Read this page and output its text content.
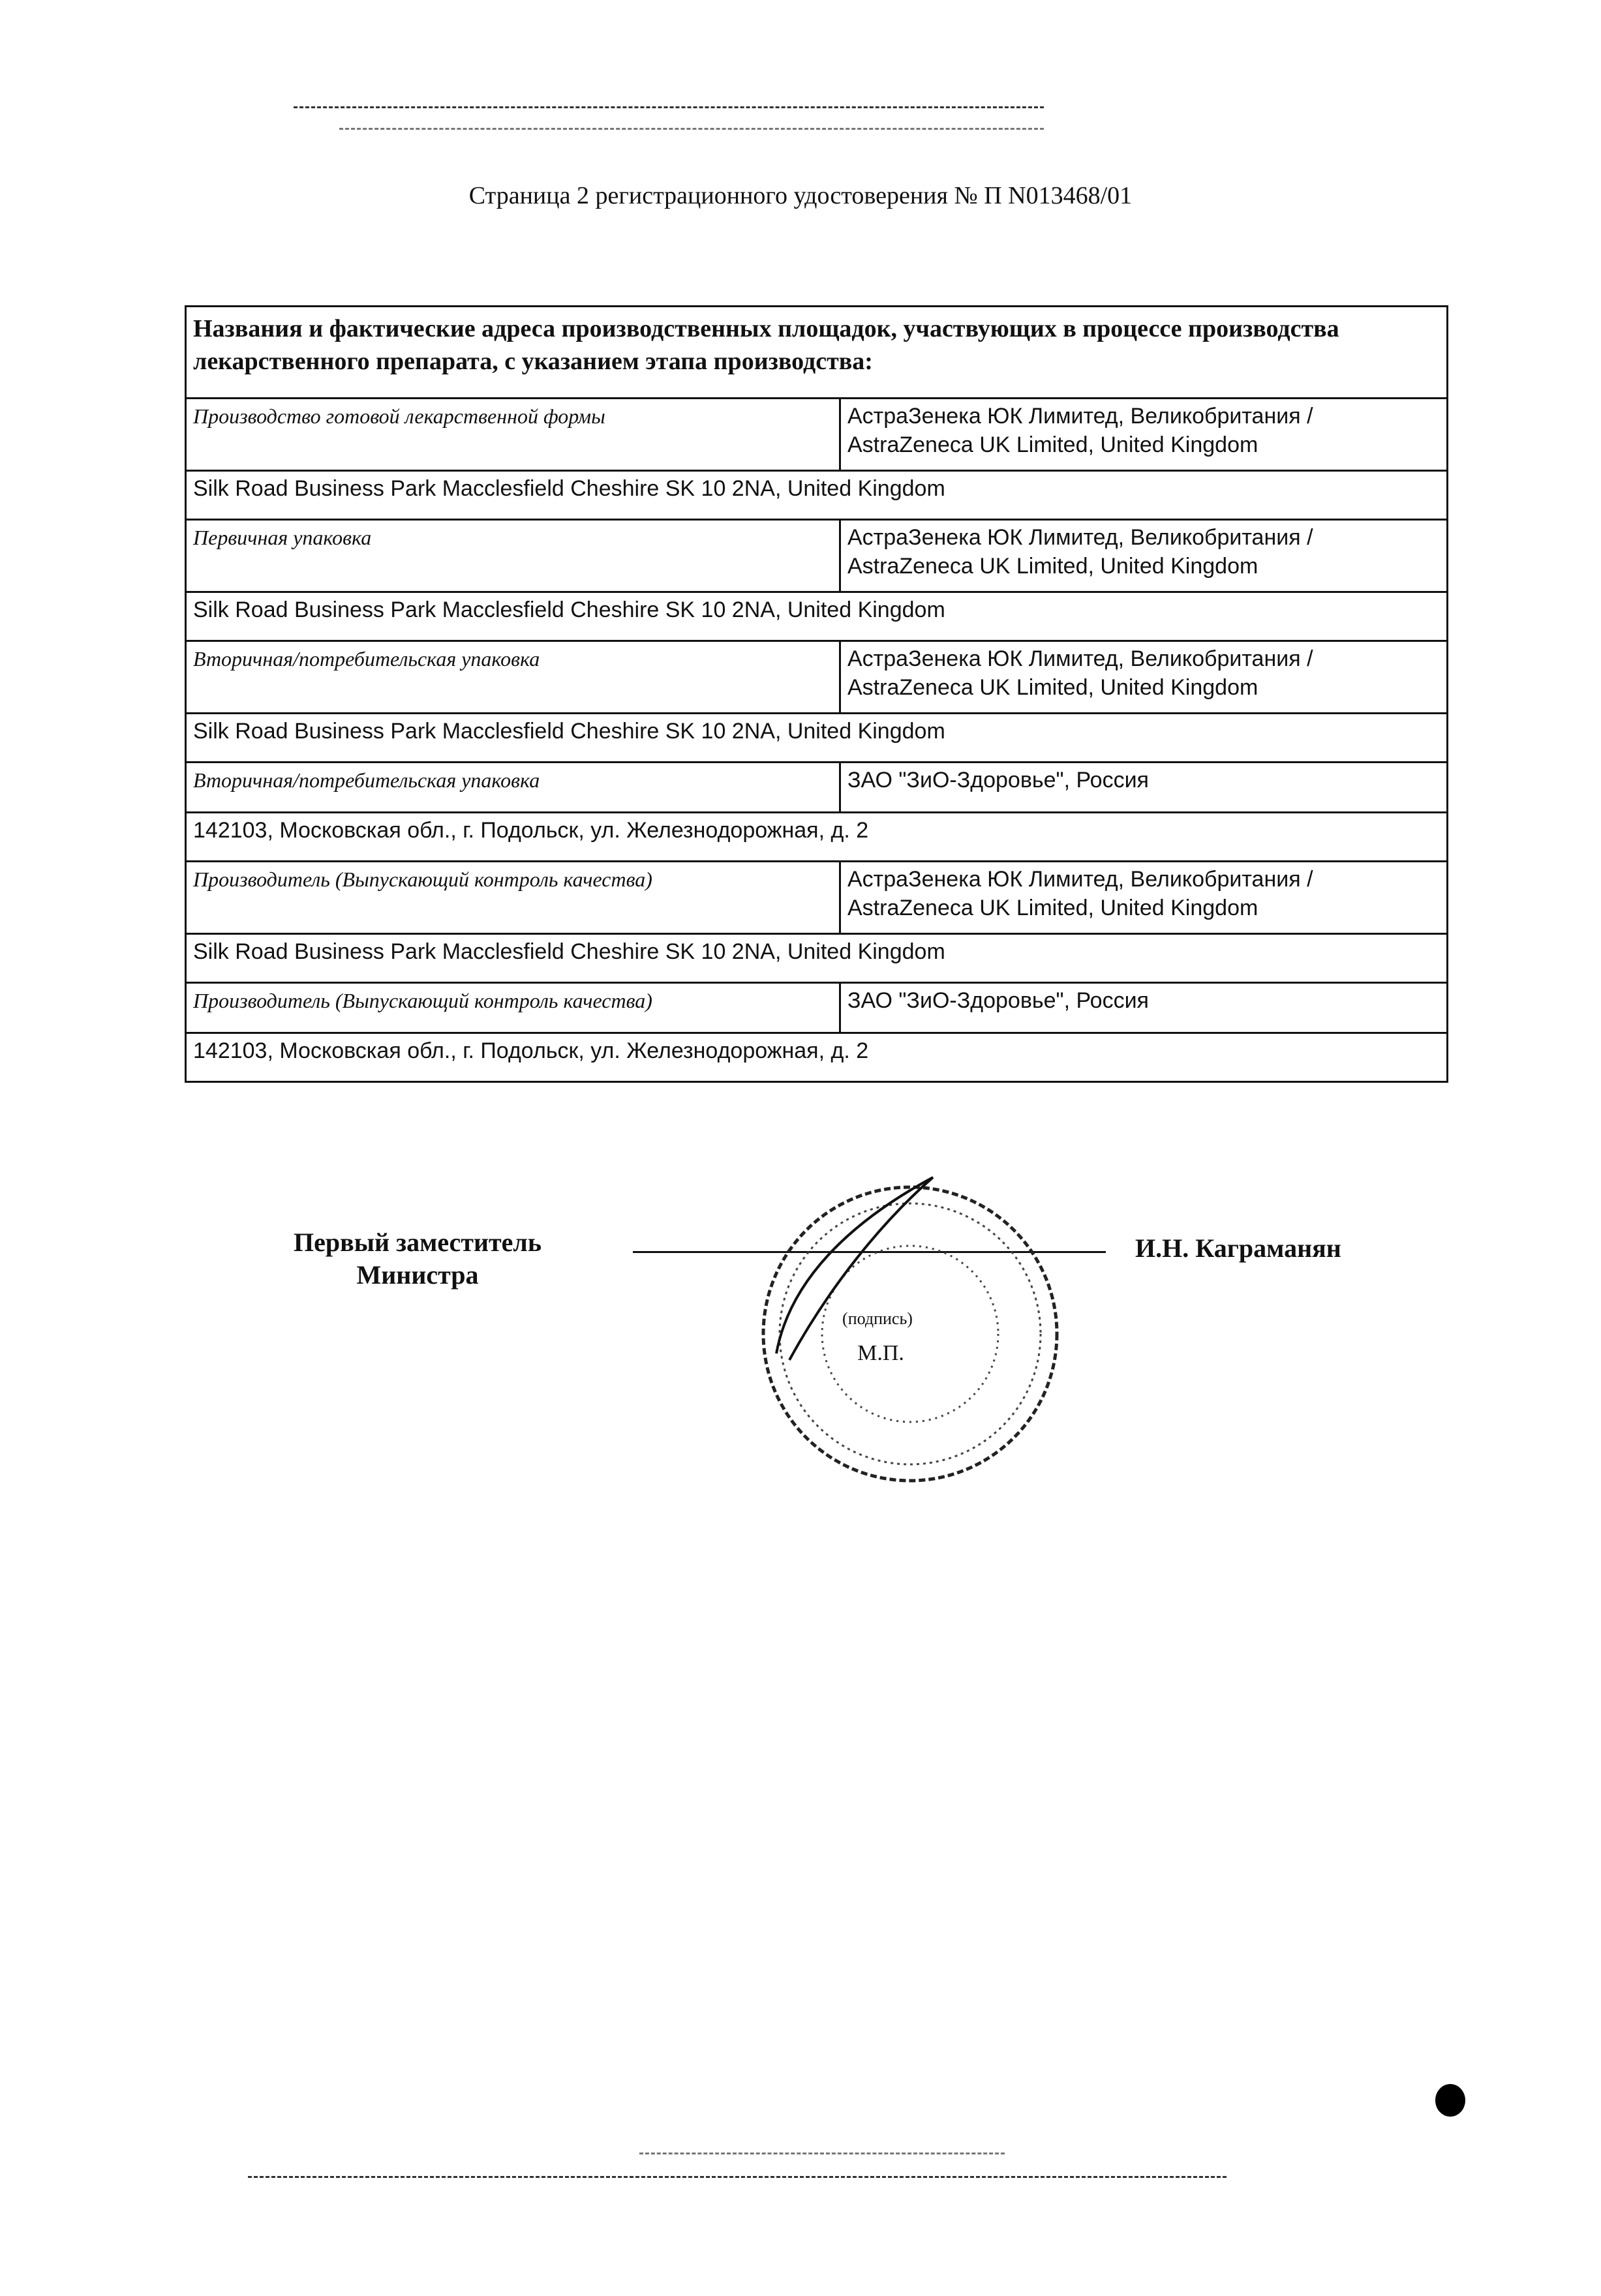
Страница 2 регистрационного удостоверения № П N013468/01
Названия и фактические адреса производственных площадок, участвующих в процессе производства лекарственного препарата, с указанием этапа производства:	
Производство готовой лекарственной формы	АстраЗенека ЮК Лимитед, Великобритания / AstraZeneca UK Limited, United Kingdom
Silk Road Business Park Macclesfield Cheshire SK 10 2NA, United Kingdom	
Первичная упаковка	АстраЗенека ЮК Лимитед, Великобритания / AstraZeneca UK Limited, United Kingdom
Silk Road Business Park Macclesfield Cheshire SK 10 2NA, United Kingdom	
Вторичная/потребительская упаковка	АстраЗенека ЮК Лимитед, Великобритания / AstraZeneca UK Limited, United Kingdom
Silk Road Business Park Macclesfield Cheshire SK 10 2NA, United Kingdom	
Вторичная/потребительская упаковка	ЗАО "ЗиО-Здоровье", Россия
142103, Московская обл., г. Подольск, ул. Железнодорожная, д. 2	
Производитель (Выпускающий контроль качества)	АстраЗенека ЮК Лимитед, Великобритания / AstraZeneca UK Limited, United Kingdom
Silk Road Business Park Macclesfield Cheshire SK 10 2NA, United Kingdom	
Производитель (Выпускающий контроль качества)	ЗАО "ЗиО-Здоровье", Россия
142103, Московская обл., г. Подольск, ул. Железнодорожная, д. 2	
Первый заместитель Министра
И.Н. Каграманян
(подпись)
М.П.
